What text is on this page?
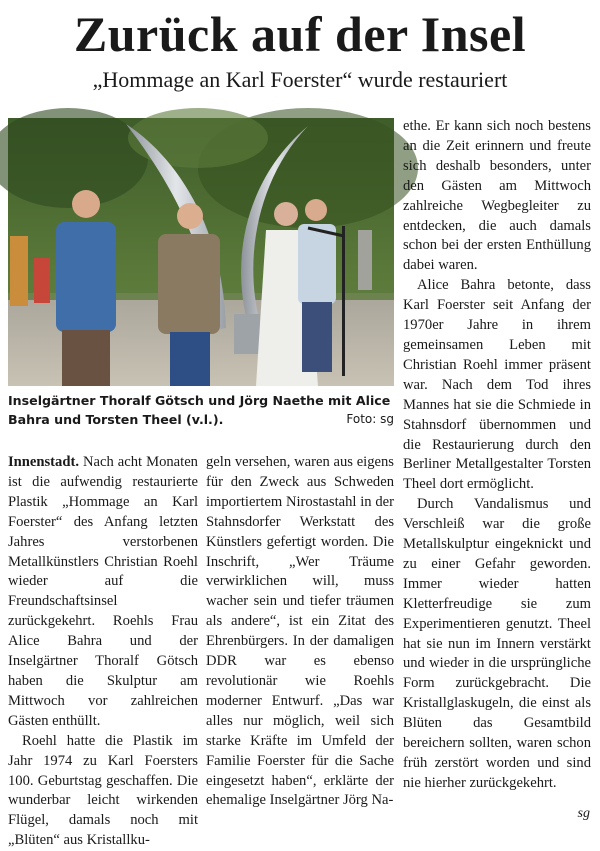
Zurück auf der Insel
„Hommage an Karl Foerster“ wurde restauriert
Inselgärtner Thoralf Götsch und Jörg Naethe mit Alice Bahra und Torsten Theel (v.l.).	Foto: sg

Innenstadt. Nach acht Monaten ist die aufwendig restaurierte Plastik „Hommage an Karl Foerster“ des Anfang letzten Jahres verstorbenen Metallkünstlers Christian Roehl wieder auf die Freundschaftsinsel zurückgekehrt. Roehls Frau Alice Bahra und der Inselgärtner Thoralf Götsch haben die Skulptur am Mittwoch vor zahlreichen Gästen enthüllt.

Roehl hatte die Plastik im Jahr 1974 zu Karl Foersters 100. Geburtstag geschaffen. Die wunderbar leicht wirkenden Flügel, damals noch mit „Blüten“ aus Kristallku-

geln versehen, waren aus eigens für den Zweck aus Schweden importiertem Nirostastahl in der Stahnsdorfer Werkstatt des Künstlers gefertigt worden. Die Inschrift, „Wer Träume verwirklichen will, muss wacher sein und tiefer träumen als andere“, ist ein Zitat des Ehrenbürgers. In der damaligen DDR war es ebenso revolutionär wie Roehls moderner Entwurf. „Das war alles nur möglich, weil sich starke Kräfte im Umfeld der Familie Foerster für die Sache eingesetzt haben“, erklärte der ehemalige Inselgärtner Jörg Na-

ethe. Er kann sich noch bestens an die Zeit erinnern und freute sich deshalb besonders, unter den Gästen am Mittwoch zahlreiche Wegbegleiter zu entdecken, die auch damals schon bei der ersten Enthüllung dabei waren.

Alice Bahra betonte, dass Karl Foerster seit Anfang der 1970er Jahre in ihrem gemeinsamen Leben mit Christian Roehl immer präsent war. Nach dem Tod ihres Mannes hat sie die Schmiede in Stahnsdorf übernommen und die Restaurierung durch den Berliner Metallgestalter Torsten Theel dort ermöglicht.

Durch Vandalismus und Verschleiß war die große Metallskulptur eingeknickt und zu einer Gefahr geworden. Immer wieder hatten Kletterfreudige sie zum Experimentieren genutzt. Theel hat sie nun im Innern verstärkt und wieder in die ursprüngliche Form zurückgebracht. Die Kristallglaskugeln, die einst als Blüten das Gesamtbild bereichern sollten, waren schon früh zerstört worden und sind nie hierher zurückgekehrt.

sg
